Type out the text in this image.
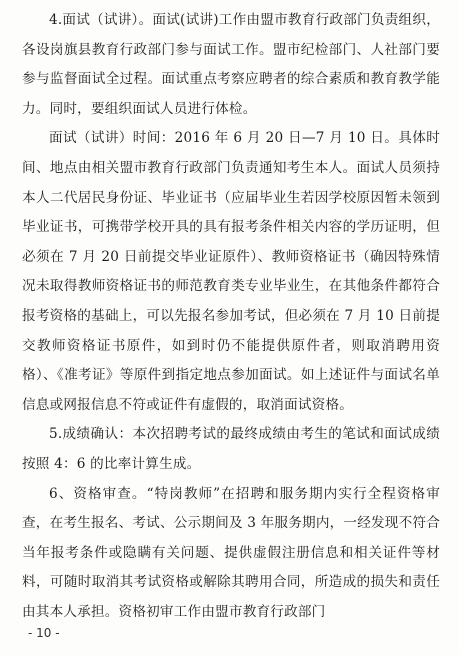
4.面试（试讲）。面试(试讲)工作由盟市教育行政部门负责组织，各设岗旗县教育行政部门参与面试工作。盟市纪检部门、人社部门要参与监督面试全过程。面试重点考察应聘者的综合素质和教育教学能力。同时，要组织面试人员进行体检。

面试（试讲）时间：2016 年 6 月 20 日—7 月 10 日。具体时间、地点由相关盟市教育行政部门负责通知考生本人。面试人员须持本人二代居民身份证、毕业证书（应届毕业生若因学校原因暂未领到毕业证书，可携带学校开具的具有报考条件相关内容的学历证明，但必须在 7 月 20 日前提交毕业证原件）、教师资格证书（确因特殊情况未取得教师资格证书的师范教育类专业毕业生，在其他条件都符合报考资格的基础上，可以先报名参加考试，但必须在 7 月 10 日前提交教师资格证书原件，如到时仍不能提供原件者，则取消聘用资格）、《准考证》等原件到指定地点参加面试。如上述证件与面试名单信息或网报信息不符或证件有虚假的，取消面试资格。

5.成绩确认：本次招聘考试的最终成绩由考生的笔试和面试成绩按照 4：6 的比率计算生成。

6、资格审查。“特岗教师”在招聘和服务期内实行全程资格审查，在考生报名、考试、公示期间及 3 年服务期内，一经发现不符合当年报考条件或隐瞒有关问题、提供虚假注册信息和相关证件等材料，可随时取消其考试资格或解除其聘用合同，所造成的损失和责任由其本人承担。资格初审工作由盟市教育行政部门

- 10 -
